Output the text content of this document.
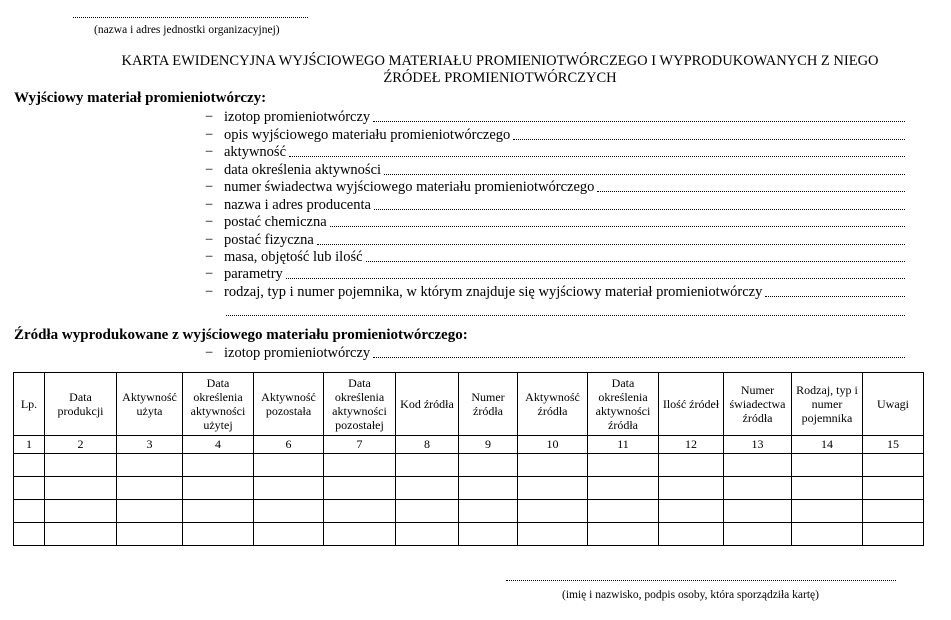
(nazwa i adres jednostki organizacyjnej)
KARTA EWIDENCYJNA WYJŚCIOWEGO MATERIAŁU PROMIENIOTWÓRCZEGO I WYPRODUKOWANYCH Z NIEGO
ŹRÓDEŁ PROMIENIOTWÓRCZYCH
Wyjściowy materiał promieniotwórczy:
− izotop promieniotwórczy
− opis wyjściowego materiału promieniotwórczego
− aktywność
− data określenia aktywności
− numer świadectwa wyjściowego materiału promieniotwórczego
− nazwa i adres producenta
− postać chemiczna
− postać fizyczna
− masa, objętość lub ilość
− parametry
− rodzaj, typ i numer pojemnika, w którym znajduje się wyjściowy materiał promieniotwórczy
Źródła wyprodukowane z wyjściowego materiału promieniotwórczego:
− izotop promieniotwórczy
Lp.	Data produkcji	Aktywność użyta	Data określenia aktywności użytej	Aktywność pozostała	Data określenia aktywności pozostałej	Kod źródła	Numer źródła	Aktywność źródła	Data określenia aktywności źródła	Ilość źródeł	Numer świadectwa źródła	Rodzaj, typ i numer pojemnika	Uwagi
1	2	3	4	6	7	8	9	10	11	12	13	14	15

(imię i nazwisko, podpis osoby, która sporządziła kartę)
